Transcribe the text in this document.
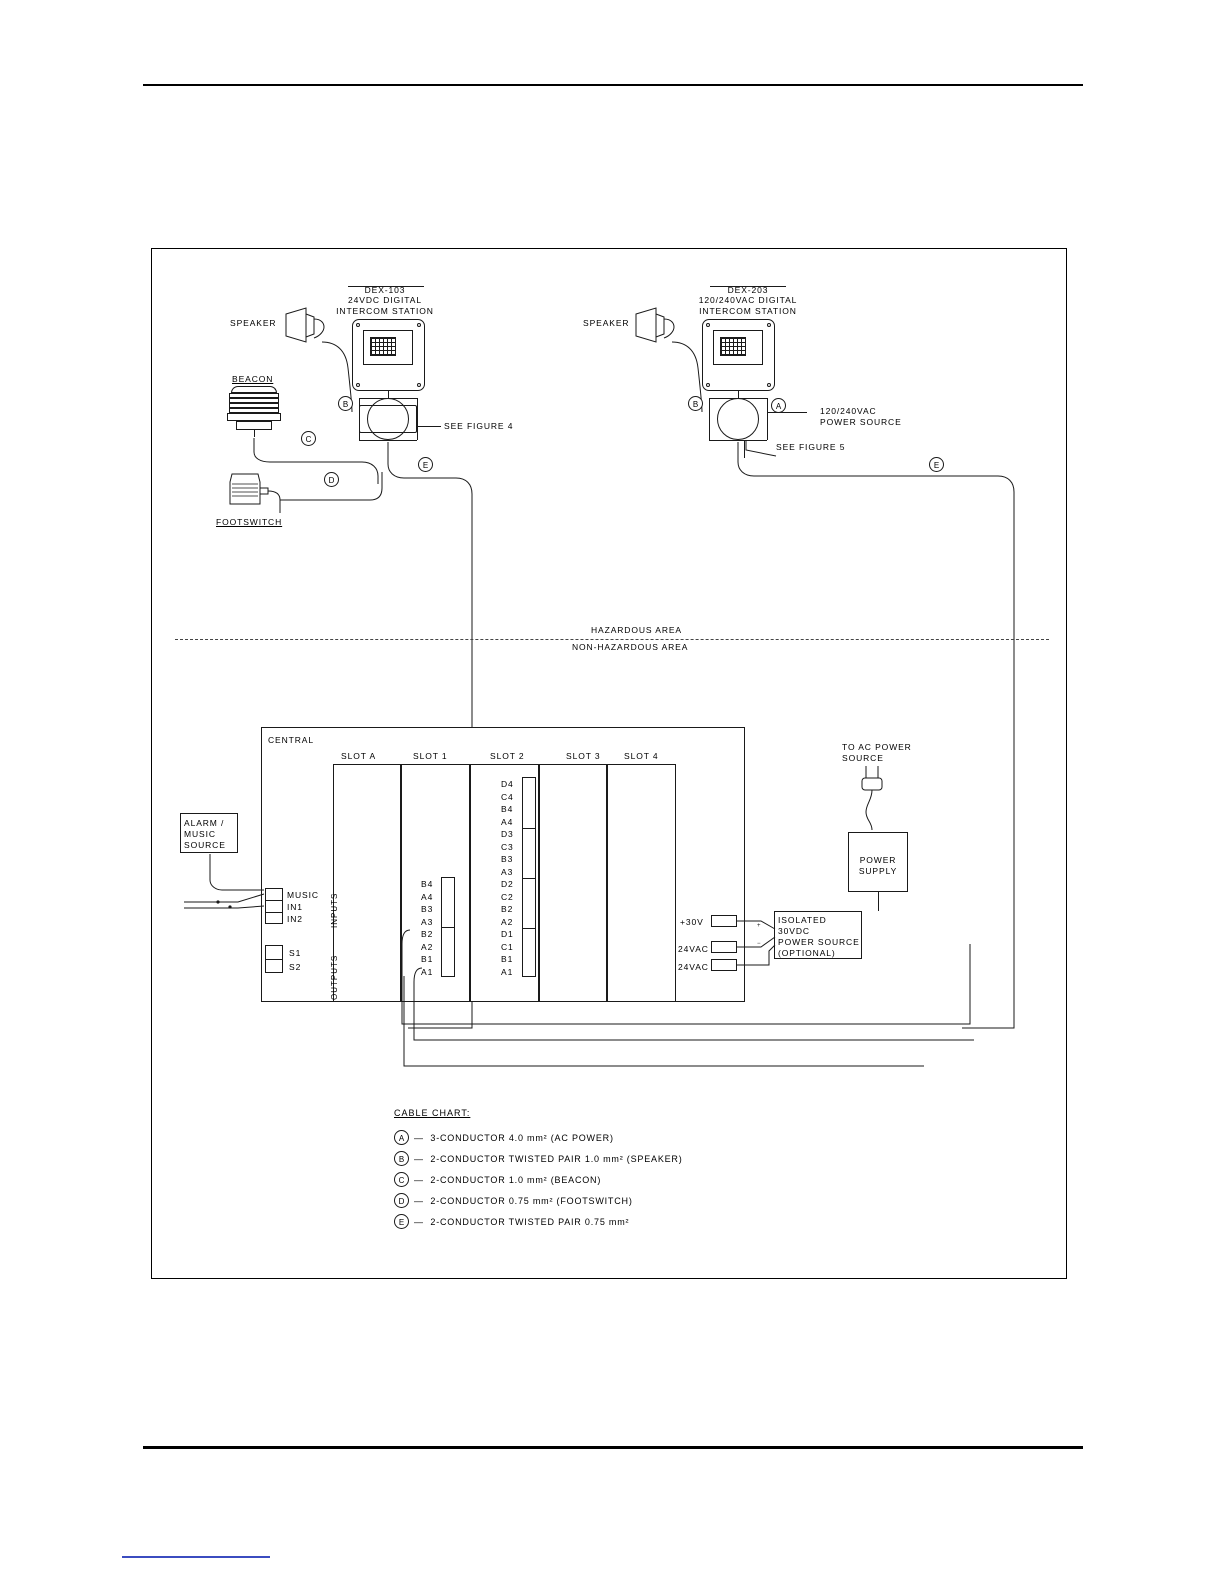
DEX-103
24VDC DIGITAL
INTERCOM STATION
SPEAKER
B
BEACON
C
FOOTSWITCH
D
SEE FIGURE 4
E
DEX-203
120/240VAC DIGITAL
INTERCOM STATION
SPEAKER
B
SEE FIGURE 5
A	120/240VAC
POWER SOURCE
E
HAZARDOUS AREA
NON-HAZARDOUS AREA
CENTRAL
SLOT A	SLOT 1	SLOT 2	SLOT 3	SLOT 4
D4
C4
B4
A4
D3
C3
B3
A3
D2
C2
B2
A2
D1
C1
B1
A1
B4
A4
B3
A3
B2
A2
B1
A1
MUSIC
IN1
IN2	INPUTS
S1
S2	OUTPUTS
ALARM /
MUSIC
SOURCE
+30V
24VAC
24VAC
ISOLATED
30VDC
POWER SOURCE
(OPTIONAL)
+
−
TO AC POWER
SOURCE
POWER
SUPPLY
CABLE CHART:
A	—  3-CONDUCTOR 4.0 mm² (AC POWER)
B	—  2-CONDUCTOR TWISTED PAIR 1.0 mm² (SPEAKER)
C	—  2-CONDUCTOR 1.0 mm² (BEACON)
D	—  2-CONDUCTOR 0.75 mm² (FOOTSWITCH)
E	—  2-CONDUCTOR TWISTED PAIR 0.75 mm²
